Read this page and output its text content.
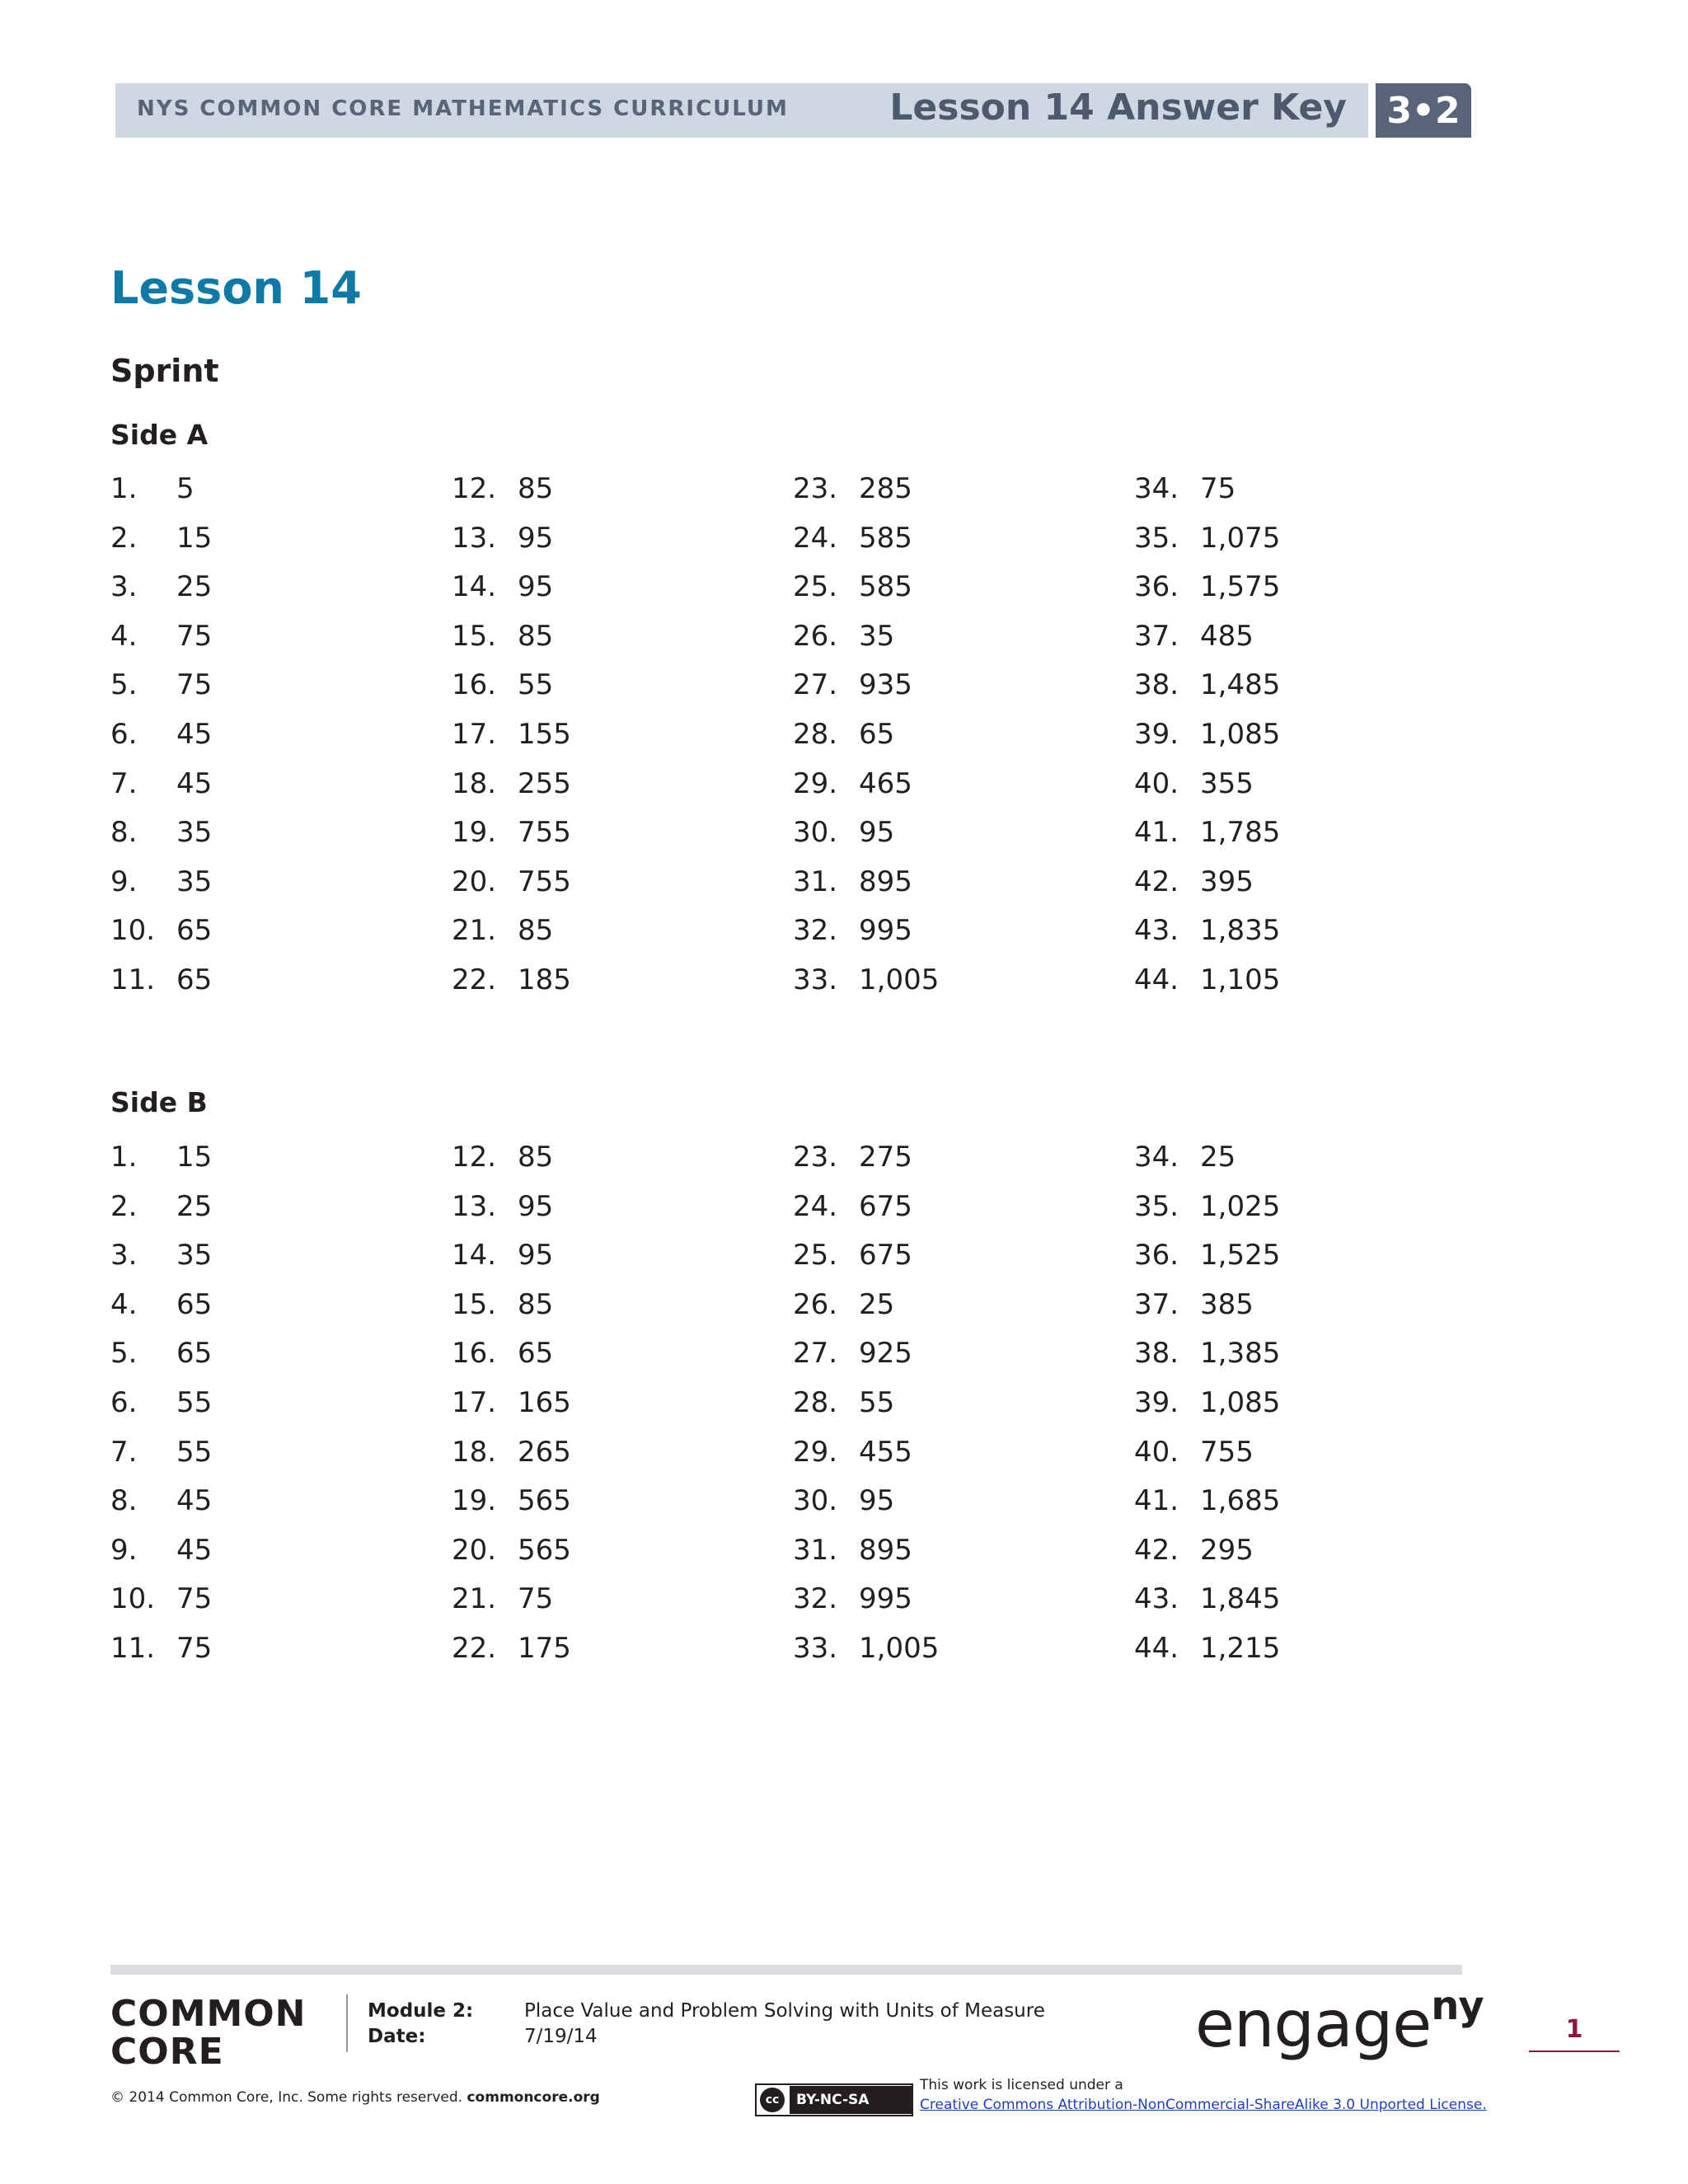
NYS COMMON CORE MATHEMATICS CURRICULUM	Lesson 14 Answer Key	3•2
Lesson 14
Sprint
Side A
1.	5
2.	15
3.	25
4.	75
5.	75
6.	45
7.	45
8.	35
9.	35
10. 65
11. 65
12. 85
13. 95
14. 95
15. 85
16. 55
17. 155
18. 255
19. 755
20. 755
21. 85
22. 185
23. 285
24. 585
25. 585
26. 35
27. 935
28. 65
29. 465
30. 95
31. 895
32. 995
33. 1,005
34. 75
35. 1,075
36. 1,575
37. 485
38. 1,485
39. 1,085
40. 355
41. 1,785
42. 395
43. 1,835
44. 1,105
Side B
1.	15
2.	25
3.	35
4.	65
5.	65
6.	55
7.	55
8.	45
9.	45
10. 75
11. 75
12. 85
13. 95
14. 95
15. 85
16. 65
17. 165
18. 265
19. 565
20. 565
21. 75
22. 175
23. 275
24. 675
25. 675
26. 25
27. 925
28. 55
29. 455
30. 95
31. 895
32. 995
33. 1,005
34. 25
35. 1,025
36. 1,525
37. 385
38. 1,385
39. 1,085
40. 755
41. 1,685
42. 295
43. 1,845
44. 1,215
COMMON
CORE
Module 2:	Place Value and Problem Solving with Units of Measure
Date:	7/19/14	engage$^{ny}$
1
© 2014 Common Core, Inc. Some rights reserved. commoncore.org	cc	BY-NC-SA
This work is licensed under a
Creative Commons Attribution-NonCommercial-ShareAlike 3.0 Unported License.
